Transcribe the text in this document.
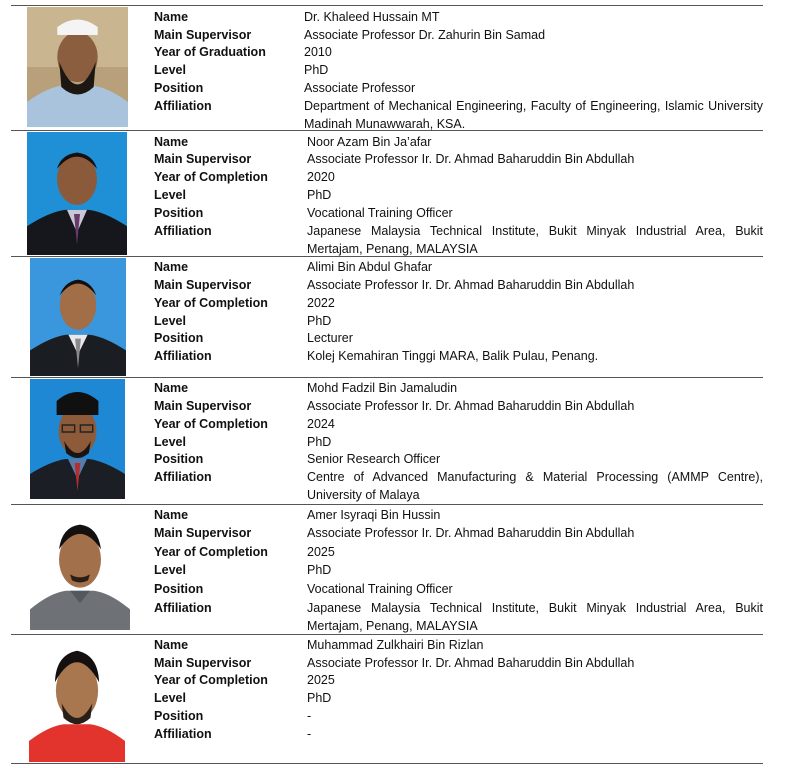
Name	Dr. Khaleed Hussain MT
Main Supervisor	Associate Professor Dr. Zahurin Bin Samad
Year of Graduation	2010
Level	PhD
Position	Associate Professor
Affiliation	Department of Mechanical Engineering, Faculty of Engineering, Islamic University Madinah Munawwarah, KSA.
Name	Noor Azam Bin Ja’afar
Main Supervisor	Associate Professor Ir. Dr. Ahmad Baharuddin Bin Abdullah
Year of Completion	2020
Level	PhD
Position	Vocational Training Officer
Affiliation	Japanese Malaysia Technical Institute, Bukit Minyak Industrial Area, Bukit Mertajam, Penang, MALAYSIA
Name	Alimi Bin Abdul Ghafar
Main Supervisor	Associate Professor Ir. Dr. Ahmad Baharuddin Bin Abdullah
Year of Completion	2022
Level	PhD
Position	Lecturer
Affiliation	Kolej Kemahiran Tinggi MARA, Balik Pulau, Penang.
Name	Mohd Fadzil Bin Jamaludin
Main Supervisor	Associate Professor Ir. Dr. Ahmad Baharuddin Bin Abdullah
Year of Completion	2024
Level	PhD
Position	Senior Research Officer
Affiliation	Centre of Advanced Manufacturing & Material Processing (AMMP Centre), University of Malaya
Name	Amer Isyraqi Bin Hussin
Main Supervisor	Associate Professor Ir. Dr. Ahmad Baharuddin Bin Abdullah
Year of Completion	2025
Level	PhD
Position	Vocational Training Officer
Affiliation	Japanese Malaysia Technical Institute, Bukit Minyak Industrial Area, Bukit Mertajam, Penang, MALAYSIA
Name	Muhammad Zulkhairi Bin Rizlan
Main Supervisor	Associate Professor Ir. Dr. Ahmad Baharuddin Bin Abdullah
Year of Completion	2025
Level	PhD
Position	-
Affiliation	-
